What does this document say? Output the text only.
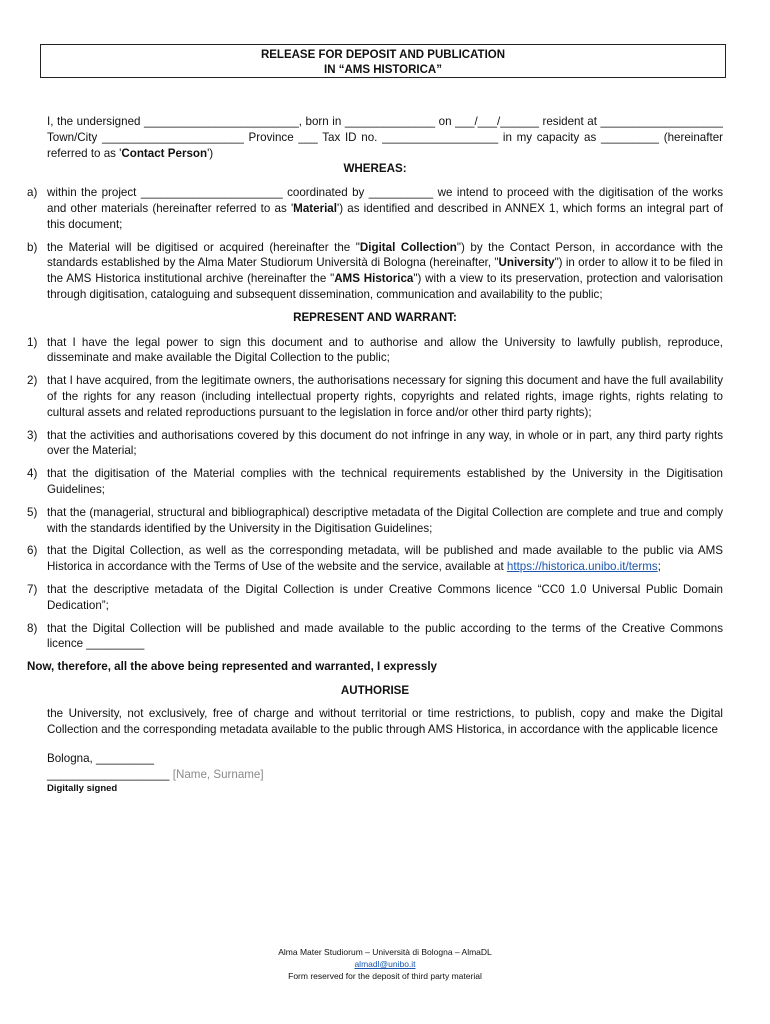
RELEASE FOR DEPOSIT AND PUBLICATION
IN “AMS HISTORICA”

I, the undersigned ________________________, born in ______________ on ___/___/______ resident at ___________________ Town/City ______________________ Province ___ Tax ID no. __________________ in my capacity as _________ (hereinafter referred to as 'Contact Person')

WHEREAS:

a) within the project ______________________ coordinated by __________ we intend to proceed with the digitisation of the works and other materials (hereinafter referred to as 'Material') as identified and described in ANNEX 1, which forms an integral part of this document;
b) the Material will be digitised or acquired (hereinafter the "Digital Collection") by the Contact Person, in accordance with the standards established by the Alma Mater Studiorum Università di Bologna (hereinafter, "University") in order to allow it to be filed in the AMS Historica institutional archive (hereinafter the "AMS Historica") with a view to its preservation, protection and valorisation through digitisation, cataloguing and subsequent dissemination, communication and availability to the public;

REPRESENT AND WARRANT:

1) that I have the legal power to sign this document and to authorise and allow the University to lawfully publish, reproduce, disseminate and make available the Digital Collection to the public;
2) that I have acquired, from the legitimate owners, the authorisations necessary for signing this document and have the full availability of the rights for any reason (including intellectual property rights, copyrights and related rights, image rights, rights relating to cultural assets and related reproductions pursuant to the legislation in force and/or other third party rights);
3) that the activities and authorisations covered by this document do not infringe in any way, in whole or in part, any third party rights over the Material;
4) that the digitisation of the Material complies with the technical requirements established by the University in the Digitisation Guidelines;
5) that the (managerial, structural and bibliographical) descriptive metadata of the Digital Collection are complete and true and comply with the standards identified by the University in the Digitisation Guidelines;
6) that the Digital Collection, as well as the corresponding metadata, will be published and made available to the public via AMS Historica in accordance with the Terms of Use of the website and the service, available at https://historica.unibo.it/terms;
7) that the descriptive metadata of the Digital Collection is under Creative Commons licence “CC0 1.0 Universal Public Domain Dedication”;
8) that the Digital Collection will be published and made available to the public according to the terms of the Creative Commons licence _________

Now, therefore, all the above being represented and warranted, I expressly

AUTHORISE

the University, not exclusively, free of charge and without territorial or time restrictions, to publish, copy and make the Digital Collection and the corresponding metadata available to the public through AMS Historica, in accordance with the applicable licence

Bologna, _________

___________________ [Name, Surname]

Digitally signed

Alma Mater Studiorum – Università di Bologna – AlmaDL
almadl@unibo.it
Form reserved for the deposit of third party material
